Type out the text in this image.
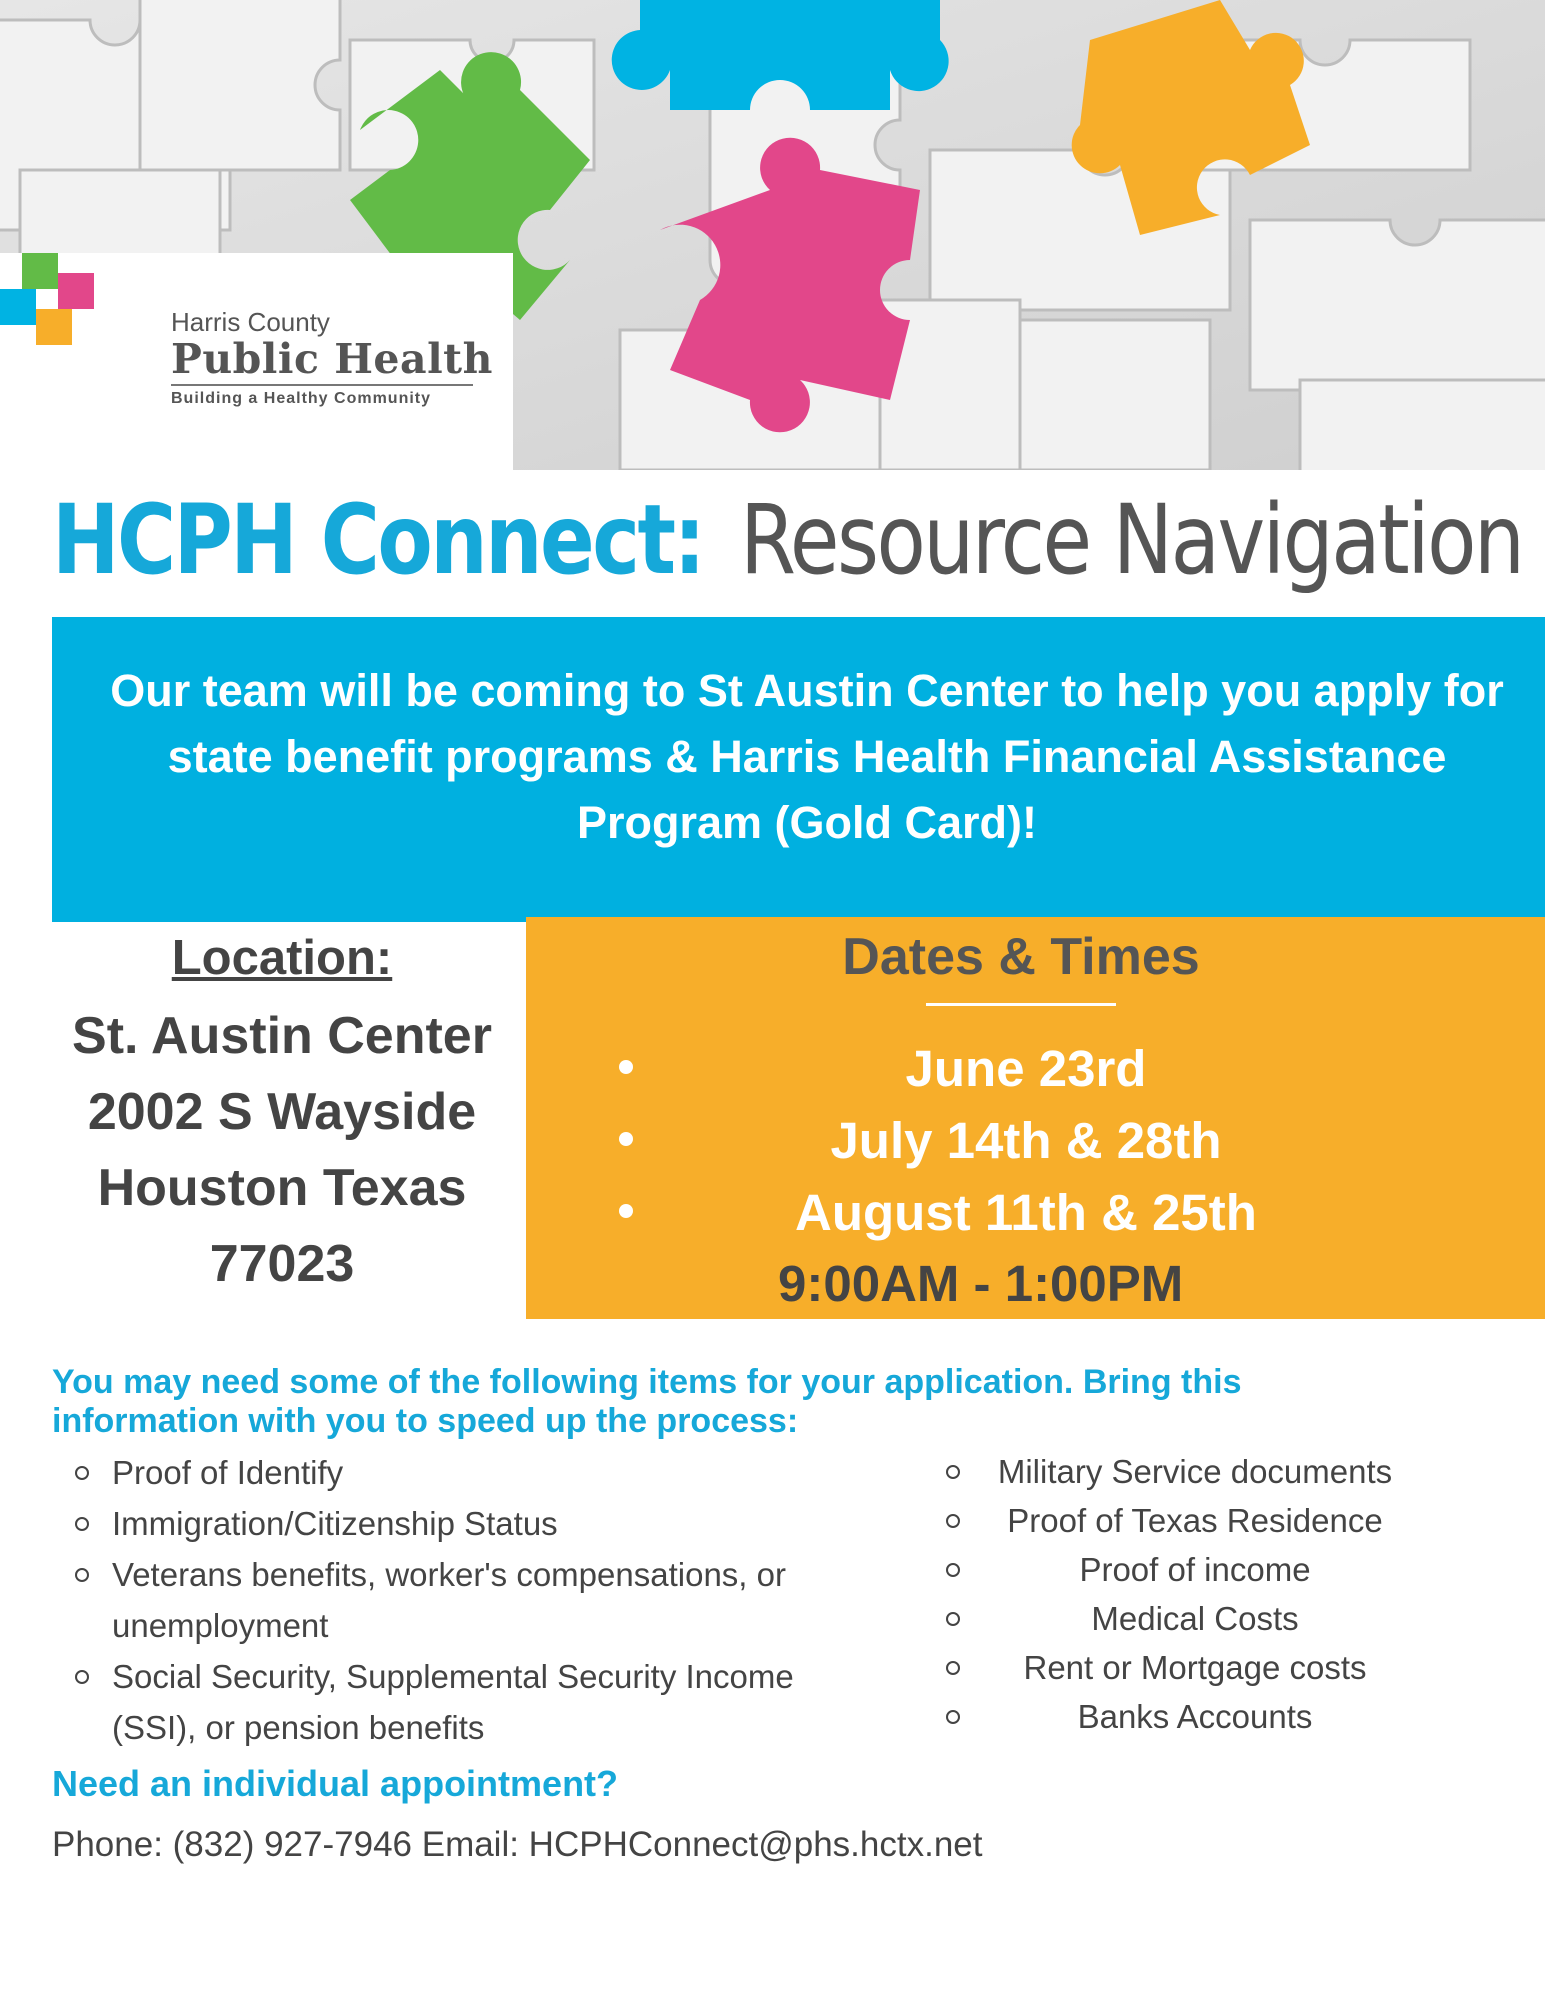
Harris County
Public Health
Building a Healthy Community
HCPH Connect: Resource Navigation
Our team will be coming to St Austin Center to help you apply for
state benefit programs & Harris Health Financial Assistance
Program (Gold Card)!
Location:
St. Austin Center
2002 S Wayside
Houston Texas
77023
Dates & Times
June 23rd
July 14th & 28th
August 11th & 25th
9:00AM - 1:00PM
You may need some of the following items for your application. Bring this
information with you to speed up the process:
Proof of Identify
Immigration/Citizenship Status
Veterans benefits, worker's compensations, or
unemployment
Social Security, Supplemental Security Income
(SSI), or pension benefits
Military Service documents
Proof of Texas Residence
Proof of income
Medical Costs
Rent or Mortgage costs
Banks Accounts
Need an individual appointment?
Phone: (832) 927-7946 Email: HCPHConnect@phs.hctx.net
